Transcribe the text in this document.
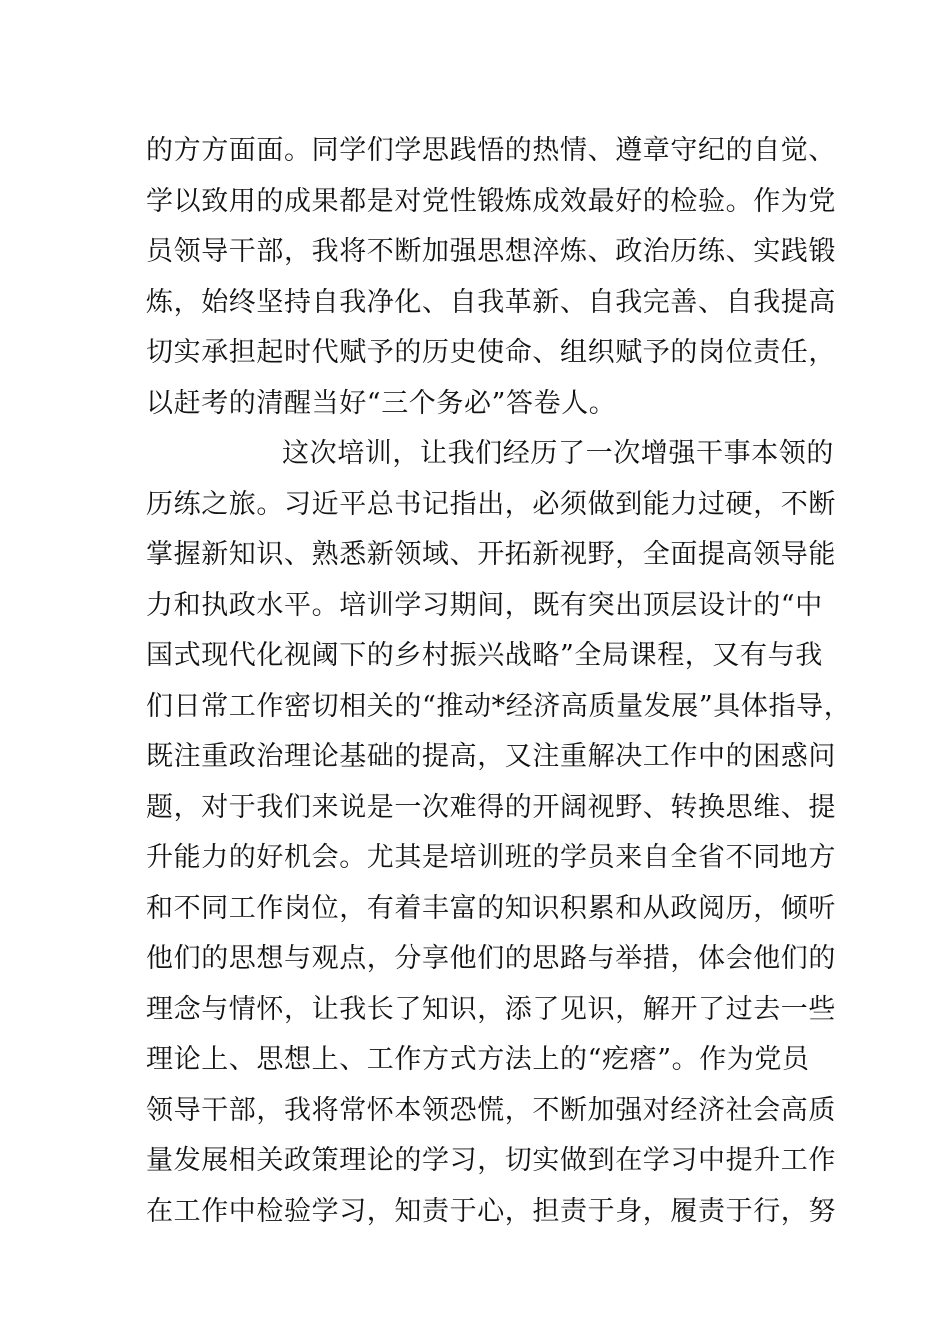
的方方面面。同学们学思践悟的热情、遵章守纪的自觉、
学以致用的成果都是对党性锻炼成效最好的检验。作为党
员领导干部，我将不断加强思想淬炼、政治历练、实践锻
炼，始终坚持自我净化、自我革新、自我完善、自我提高
切实承担起时代赋予的历史使命、组织赋予的岗位责任，
以赶考的清醒当好“三个务必”答卷人。
这次培训，让我们经历了一次增强干事本领的
历练之旅。习近平总书记指出，必须做到能力过硬，不断
掌握新知识、熟悉新领域、开拓新视野，全面提高领导能
力和执政水平。培训学习期间，既有突出顶层设计的“中
国式现代化视阈下的乡村振兴战略”全局课程，又有与我
们日常工作密切相关的“推动*经济高质量发展”具体指导，
既注重政治理论基础的提高，又注重解决工作中的困惑问
题，对于我们来说是一次难得的开阔视野、转换思维、提
升能力的好机会。尤其是培训班的学员来自全省不同地方
和不同工作岗位，有着丰富的知识积累和从政阅历，倾听
他们的思想与观点，分享他们的思路与举措，体会他们的
理念与情怀，让我长了知识，添了见识，解开了过去一些
理论上、思想上、工作方式方法上的“疙瘩”。作为党员
领导干部，我将常怀本领恐慌，不断加强对经济社会高质
量发展相关政策理论的学习，切实做到在学习中提升工作
在工作中检验学习，知责于心，担责于身，履责于行，努
